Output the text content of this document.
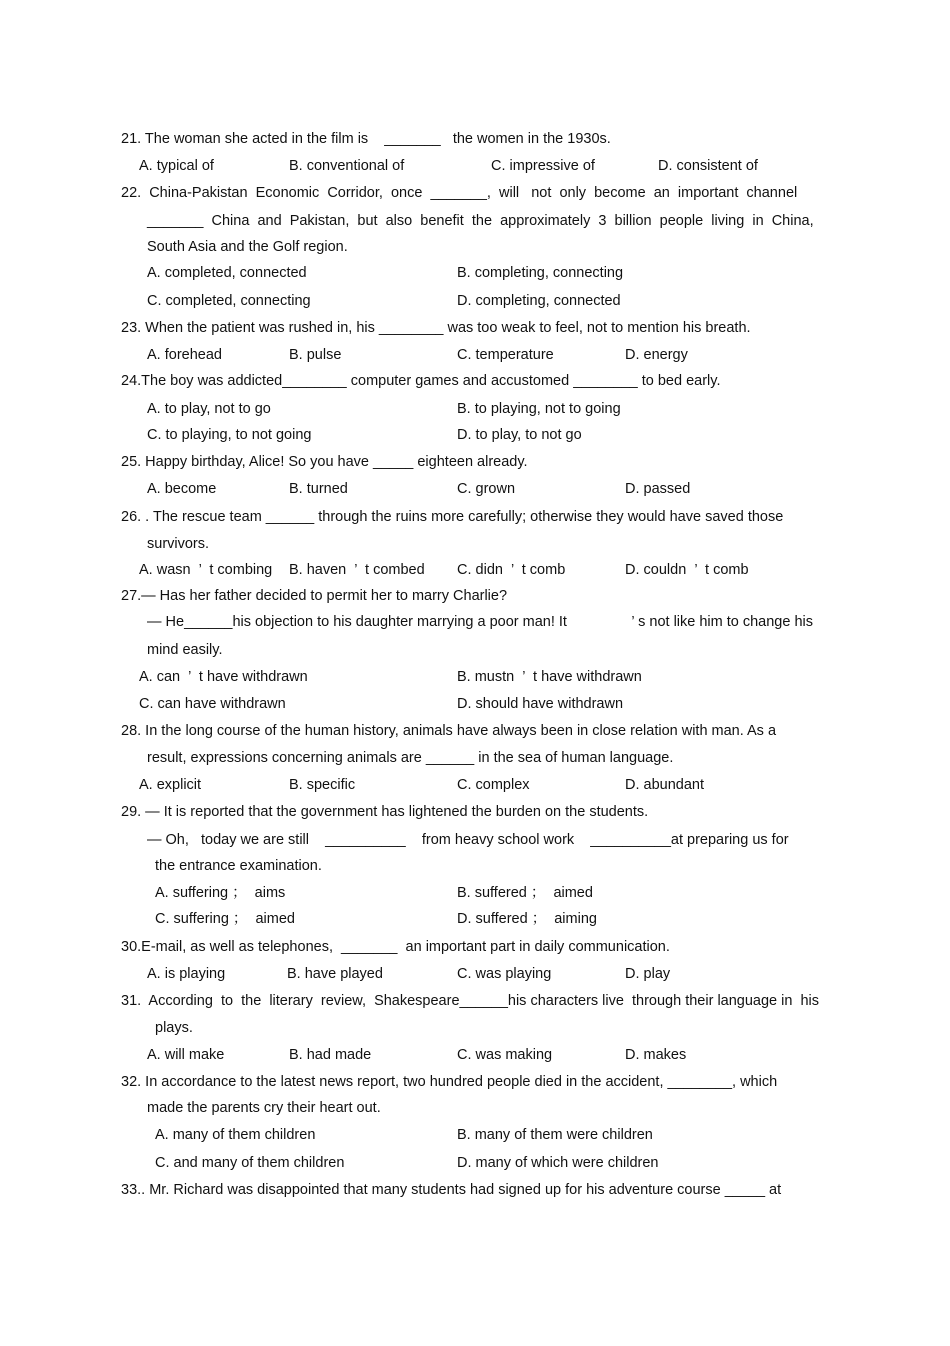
21. The woman she acted in the film is    _______   the women in the 1930s.
A. typical of	B. conventional of	C. impressive of	D. consistent of
22.  China-Pakistan  Economic  Corridor,  once  _______,  will   not  only  become  an  important  channel
_______  China  and  Pakistan,  but  also  benefit  the  approximately  3  billion  people  living  in  China,
South Asia and the Golf region.
A. completed, connected	B. completing, connecting
C. completed, connecting	D. completing, connected
23. When the patient was rushed in, his ________ was too weak to feel, not to mention his breath.
A. forehead	B. pulse	C. temperature	D. energy
24.The boy was addicted________ computer games and accustomed ________ to bed early.
A. to play, not to go	B. to playing, not to going
C. to playing, to not going	D. to play, to not go
25. Happy birthday, Alice! So you have _____ eighteen already.
A. become	B. turned	C. grown	D. passed
26. . The rescue team ______ through the ruins more carefully; otherwise they would have saved those
survivors.
A. wasn  ’  t combing B. haven  ’  t combed C. didn  ’  t comb	D. couldn  ’  t comb
27.— Has her father decided to permit her to marry Charlie?
— He______his objection to his daughter marrying a poor man! It                ’ s not like him to change his
mind easily.
A. can  ’  t have withdrawn	B. mustn  ’  t have withdrawn
C. can have withdrawn	D. should have withdrawn
28. In the long course of the human history, animals have always been in close relation with man. As a
result, expressions concerning animals are ______ in the sea of human language.
A. explicit	B. specific	C. complex	D. abundant
29. — It is reported that the government has lightened the burden on the students.
— Oh,   today we are still    __________    from heavy school work    __________at preparing us for
the entrance examination.
A. suffering ；  aims	B. suffered ；  aimed
C. suffering ；  aimed	D. suffered ；  aiming
30.E-mail, as well as telephones,  _______  an important part in daily communication.
A. is playing	B. have played	C. was playing	D. play
31.  According  to  the  literary  review,  Shakespeare______his characters live  through their language in  his
plays.
A. will make	B. had made	C. was making	D. makes
32. In accordance to the latest news report, two hundred people died in the accident, ________, which
made the parents cry their heart out.
A. many of them children	B. many of them were children
C. and many of them children	D. many of which were children
33.. Mr. Richard was disappointed that many students had signed up for his adventure course _____ at
